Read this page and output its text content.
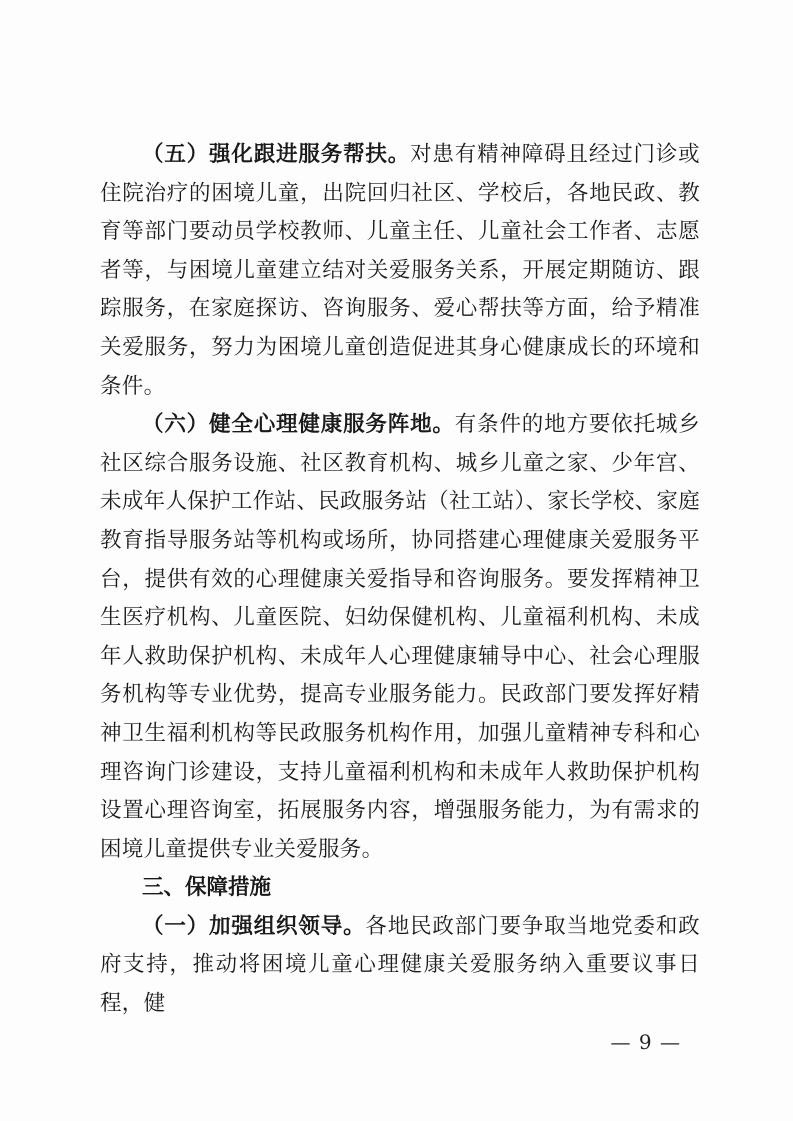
（五）强化跟进服务帮扶。对患有精神障碍且经过门诊或住院治疗的困境儿童，出院回归社区、学校后，各地民政、教育等部门要动员学校教师、儿童主任、儿童社会工作者、志愿者等，与困境儿童建立结对关爱服务关系，开展定期随访、跟踪服务，在家庭探访、咨询服务、爱心帮扶等方面，给予精准关爱服务，努力为困境儿童创造促进其身心健康成长的环境和条件。

（六）健全心理健康服务阵地。有条件的地方要依托城乡社区综合服务设施、社区教育机构、城乡儿童之家、少年宫、未成年人保护工作站、民政服务站（社工站）、家长学校、家庭教育指导服务站等机构或场所，协同搭建心理健康关爱服务平台，提供有效的心理健康关爱指导和咨询服务。要发挥精神卫生医疗机构、儿童医院、妇幼保健机构、儿童福利机构、未成年人救助保护机构、未成年人心理健康辅导中心、社会心理服务机构等专业优势，提高专业服务能力。民政部门要发挥好精神卫生福利机构等民政服务机构作用，加强儿童精神专科和心理咨询门诊建设，支持儿童福利机构和未成年人救助保护机构设置心理咨询室，拓展服务内容，增强服务能力，为有需求的困境儿童提供专业关爱服务。

三、保障措施

（一）加强组织领导。各地民政部门要争取当地党委和政府支持，推动将困境儿童心理健康关爱服务纳入重要议事日程，健

— 9 —
